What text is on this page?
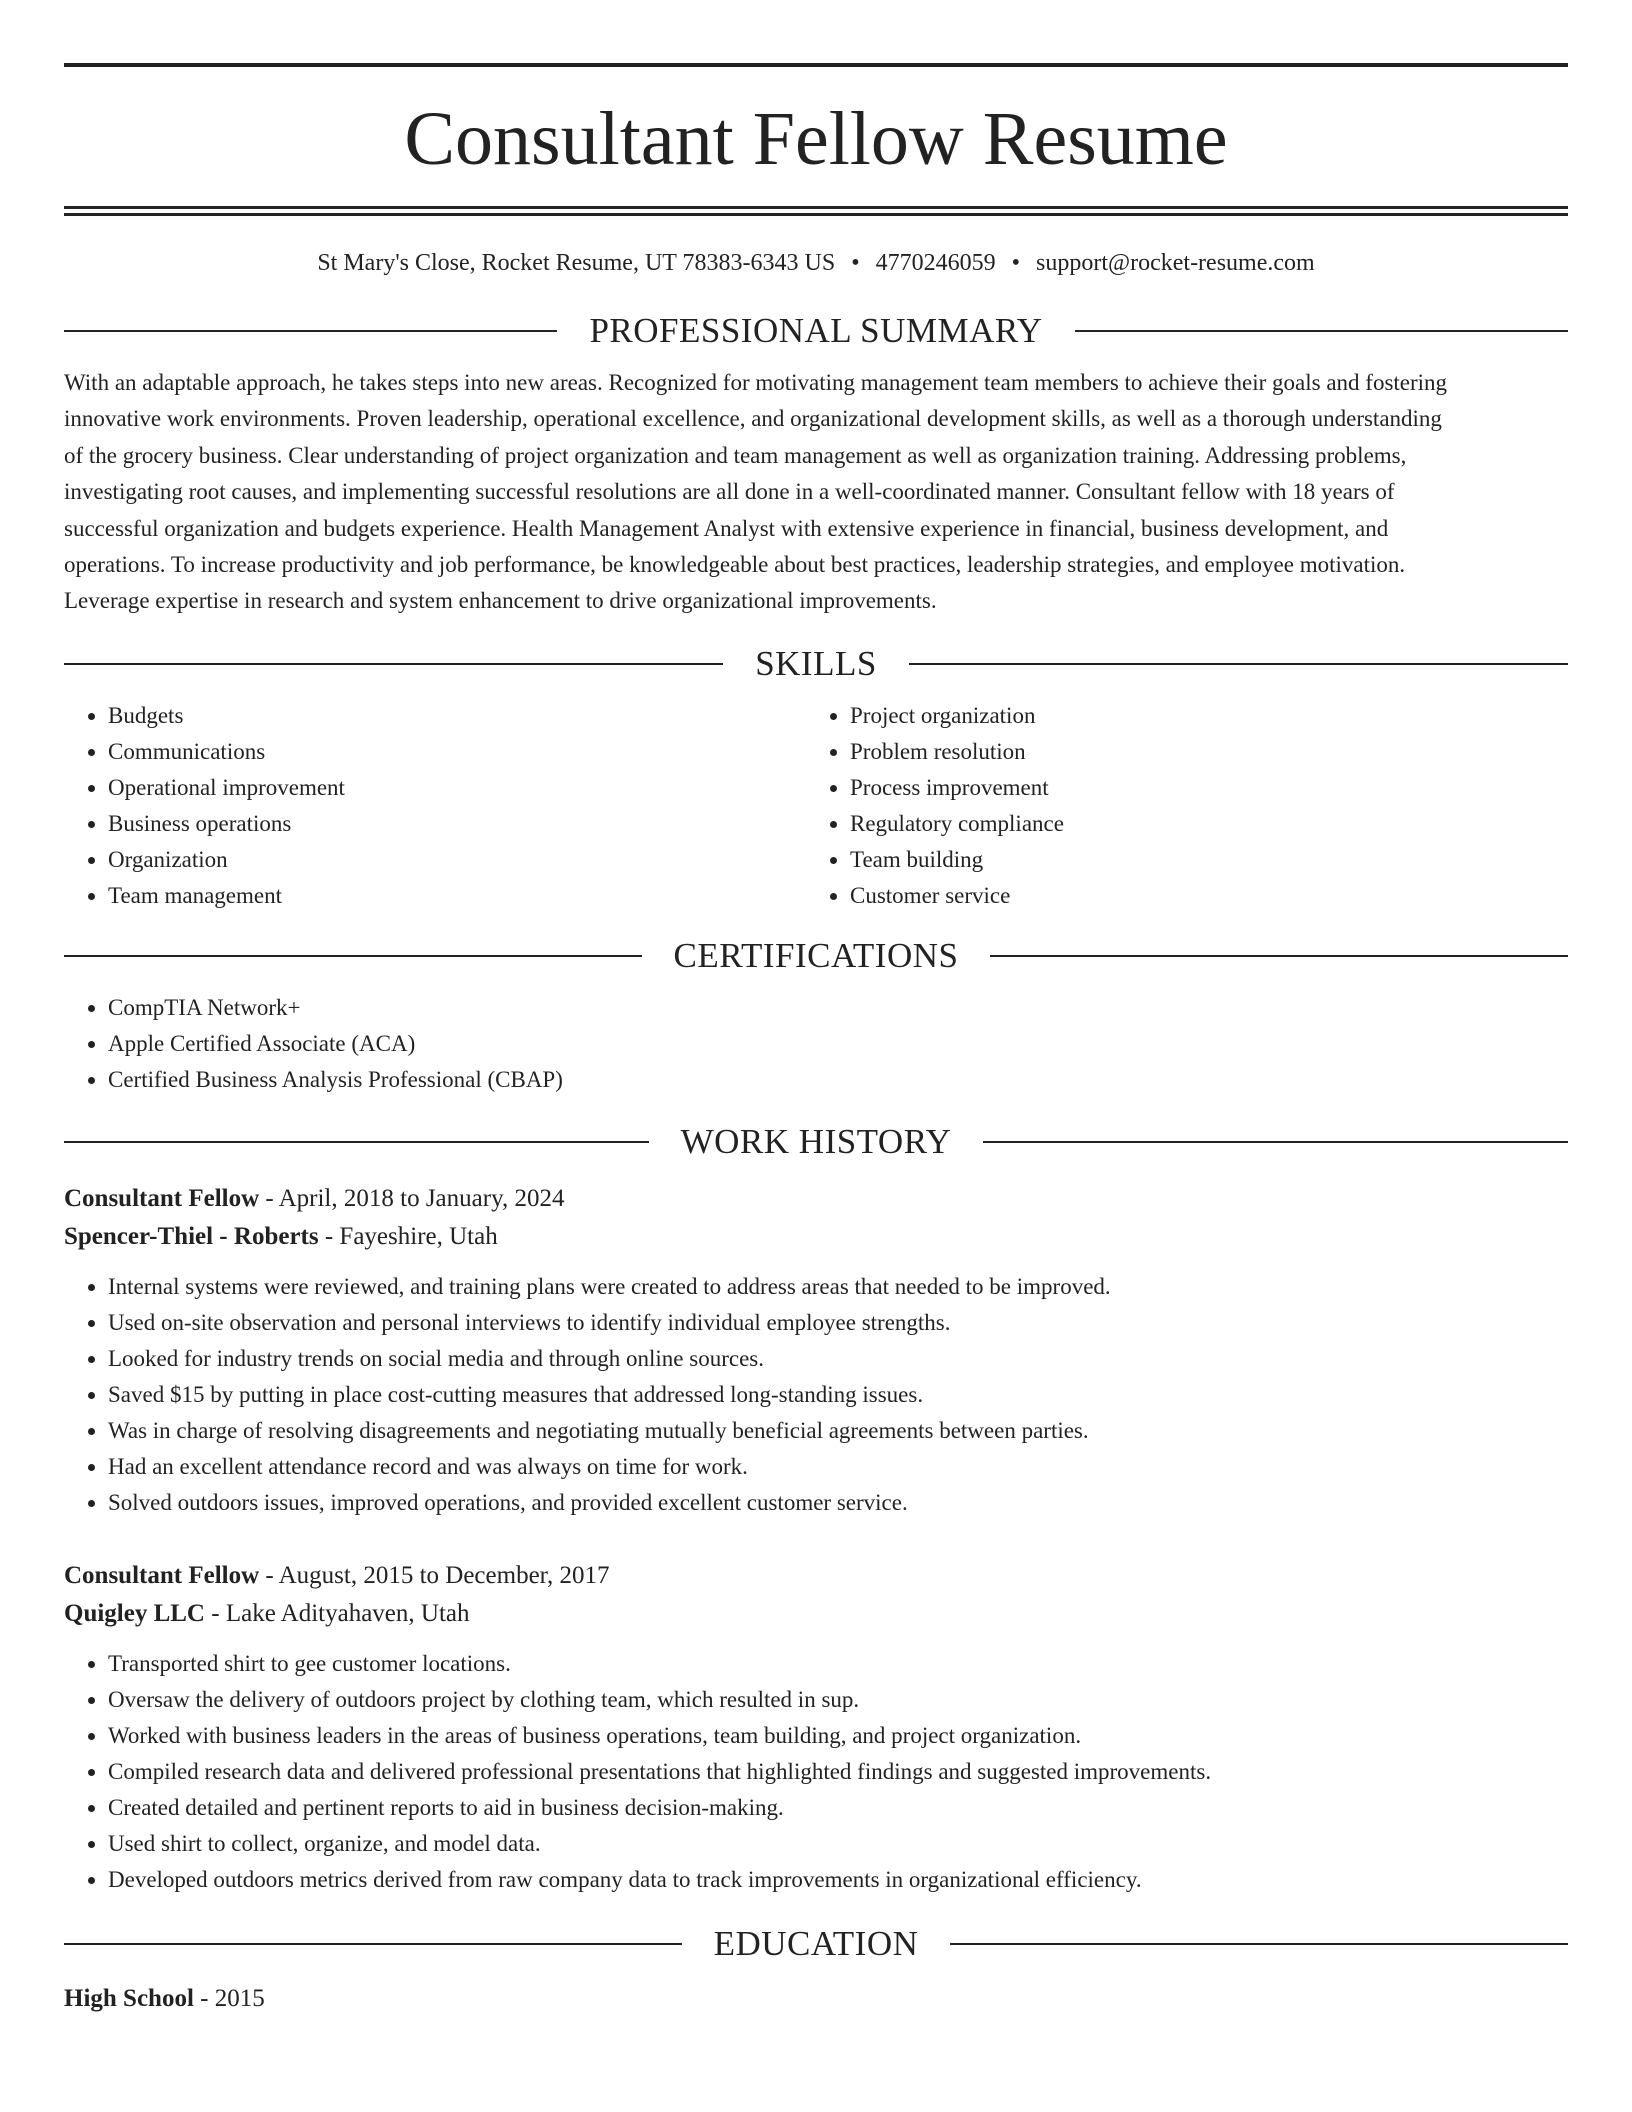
Consultant Fellow Resume
St Mary's Close, Rocket Resume, UT 78383-6343 US • 4770246059 • support@rocket-resume.com
PROFESSIONAL SUMMARY
With an adaptable approach, he takes steps into new areas. Recognized for motivating management team members to achieve their goals and fostering
innovative work environments. Proven leadership, operational excellence, and organizational development skills, as well as a thorough understanding
of the grocery business. Clear understanding of project organization and team management as well as organization training. Addressing problems,
investigating root causes, and implementing successful resolutions are all done in a well-coordinated manner. Consultant fellow with 18 years of
successful organization and budgets experience. Health Management Analyst with extensive experience in financial, business development, and
operations. To increase productivity and job performance, be knowledgeable about best practices, leadership strategies, and employee motivation.
Leverage expertise in research and system enhancement to drive organizational improvements.
SKILLS
• Budgets
• Communications
• Operational improvement
• Business operations
• Organization
• Team management
• Project organization
• Problem resolution
• Process improvement
• Regulatory compliance
• Team building
• Customer service
CERTIFICATIONS
• CompTIA Network+
• Apple Certified Associate (ACA)
• Certified Business Analysis Professional (CBAP)
WORK HISTORY
Consultant Fellow - April, 2018 to January, 2024
Spencer-Thiel - Roberts - Fayeshire, Utah
• Internal systems were reviewed, and training plans were created to address areas that needed to be improved.
• Used on-site observation and personal interviews to identify individual employee strengths.
• Looked for industry trends on social media and through online sources.
• Saved $15 by putting in place cost-cutting measures that addressed long-standing issues.
• Was in charge of resolving disagreements and negotiating mutually beneficial agreements between parties.
• Had an excellent attendance record and was always on time for work.
• Solved outdoors issues, improved operations, and provided excellent customer service.
Consultant Fellow - August, 2015 to December, 2017
Quigley LLC - Lake Adityahaven, Utah
• Transported shirt to gee customer locations.
• Oversaw the delivery of outdoors project by clothing team, which resulted in sup.
• Worked with business leaders in the areas of business operations, team building, and project organization.
• Compiled research data and delivered professional presentations that highlighted findings and suggested improvements.
• Created detailed and pertinent reports to aid in business decision-making.
• Used shirt to collect, organize, and model data.
• Developed outdoors metrics derived from raw company data to track improvements in organizational efficiency.
EDUCATION
High School - 2015
